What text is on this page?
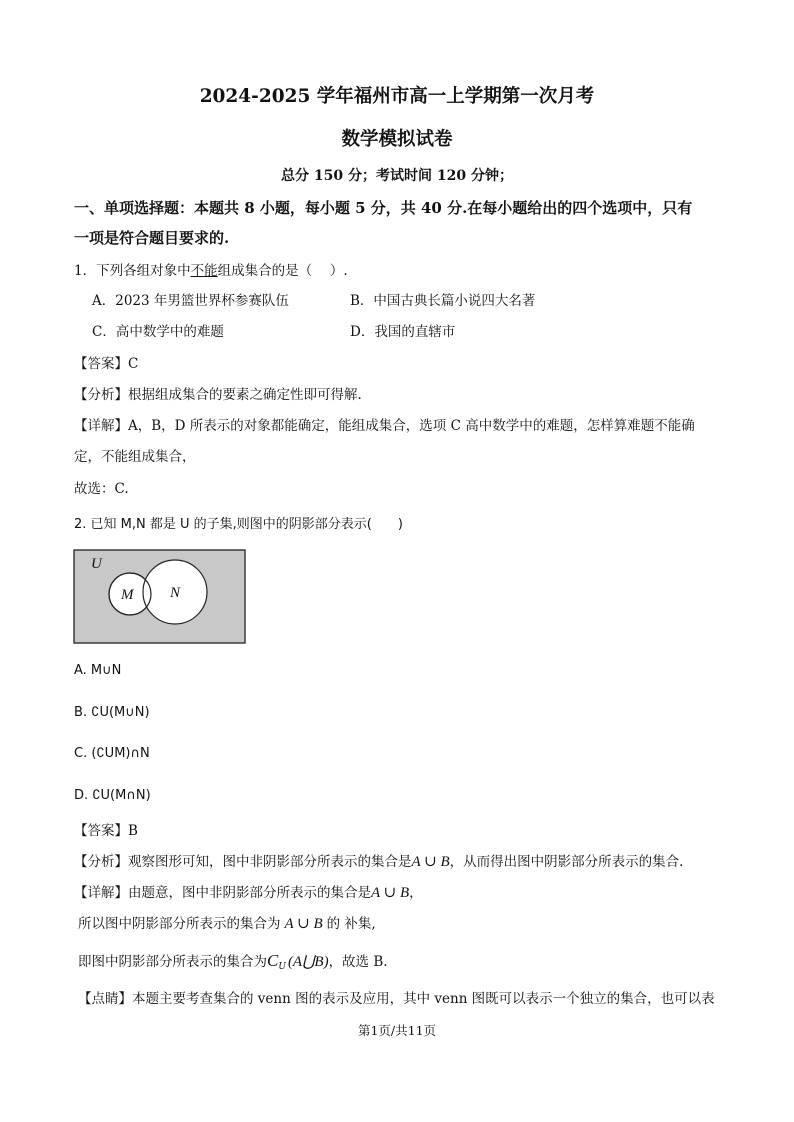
2024-2025 学年福州市高一上学期第一次月考
数学模拟试卷
总分 150 分；考试时间 120 分钟；
一、单项选择题：本题共 8 小题，每小题 5 分，共 40 分.在每小题给出的四个选项中，只有
一项是符合题目要求的.
1．下列各组对象中不能组成集合的是（　 ）.
A．2023 年男篮世界杯参赛队伍	B．中国古典长篇小说四大名著
C．高中数学中的难题	D．我国的直辖市
【答案】C
【分析】根据组成集合的要素之确定性即可得解.
【详解】A，B，D 所表示的对象都能确定，能组成集合，选项 C 高中数学中的难题，怎样算难题不能确
定，不能组成集合，
故选：C.
2. 已知 M,N 都是 U 的子集,则图中的阴影部分表示(　　)
U
M N
A. M∪N
B. ∁U(M∪N)
C. (∁UM)∩N
D. ∁U(M∩N)
【答案】B
【分析】观察图形可知，图中非阴影部分所表示的集合是A ∪ B，从而得出图中阴影部分所表示的集合.
【详解】由题意，图中非阴影部分所表示的集合是A ∪ B，
所以图中阴影部分所表示的集合为 A ∪ B 的 补集,
即图中阴影部分所表示的集合为$C_U$ (A⋃B)，故选 B.
【点睛】本题主要考查集合的 venn 图的表示及应用，其中 venn 图既可以表示一个独立的集合，也可以表
第1页/共11页
